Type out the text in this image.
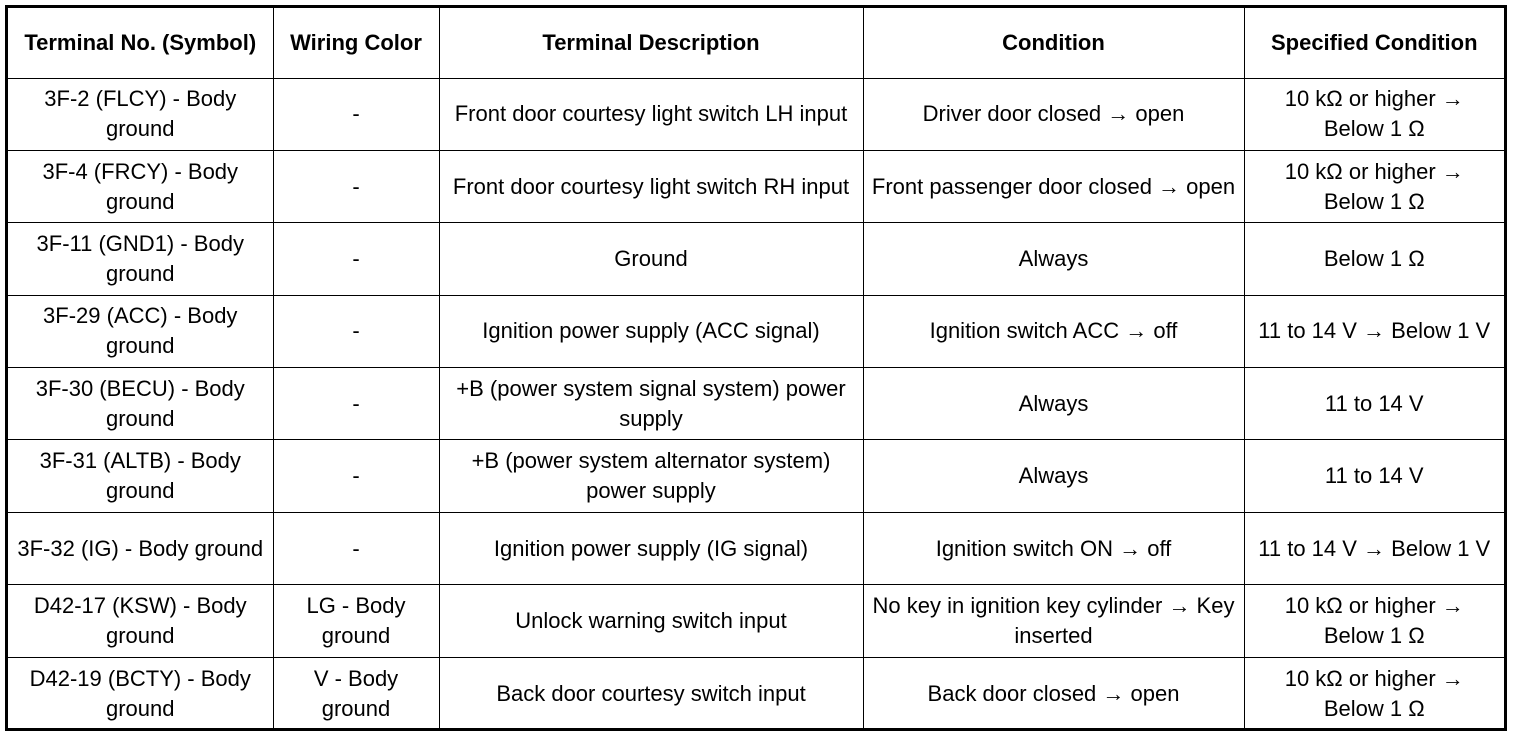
Terminal No. (Symbol)	Wiring Color	Terminal Description	Condition	Specified Condition
3F-2 (FLCY) - Body ground	-	Front door courtesy light switch LH input	Driver door closed → open	10 kΩ or higher → Below 1 Ω
3F-4 (FRCY) - Body ground	-	Front door courtesy light switch RH input	Front passenger door closed → open	10 kΩ or higher → Below 1 Ω
3F-11 (GND1) - Body ground	-	Ground	Always	Below 1 Ω
3F-29 (ACC) - Body ground	-	Ignition power supply (ACC signal)	Ignition switch ACC → off	11 to 14 V → Below 1 V
3F-30 (BECU) - Body ground	-	+B (power system signal system) power supply	Always	11 to 14 V
3F-31 (ALTB) - Body ground	-	+B (power system alternator system) power supply	Always	11 to 14 V
3F-32 (IG) - Body ground	-	Ignition power supply (IG signal)	Ignition switch ON → off	11 to 14 V → Below 1 V
D42-17 (KSW) - Body ground	LG - Body ground	Unlock warning switch input	No key in ignition key cylinder → Key inserted	10 kΩ or higher → Below 1 Ω
D42-19 (BCTY) - Body ground	V - Body ground	Back door courtesy switch input	Back door closed → open	10 kΩ or higher → Below 1 Ω
